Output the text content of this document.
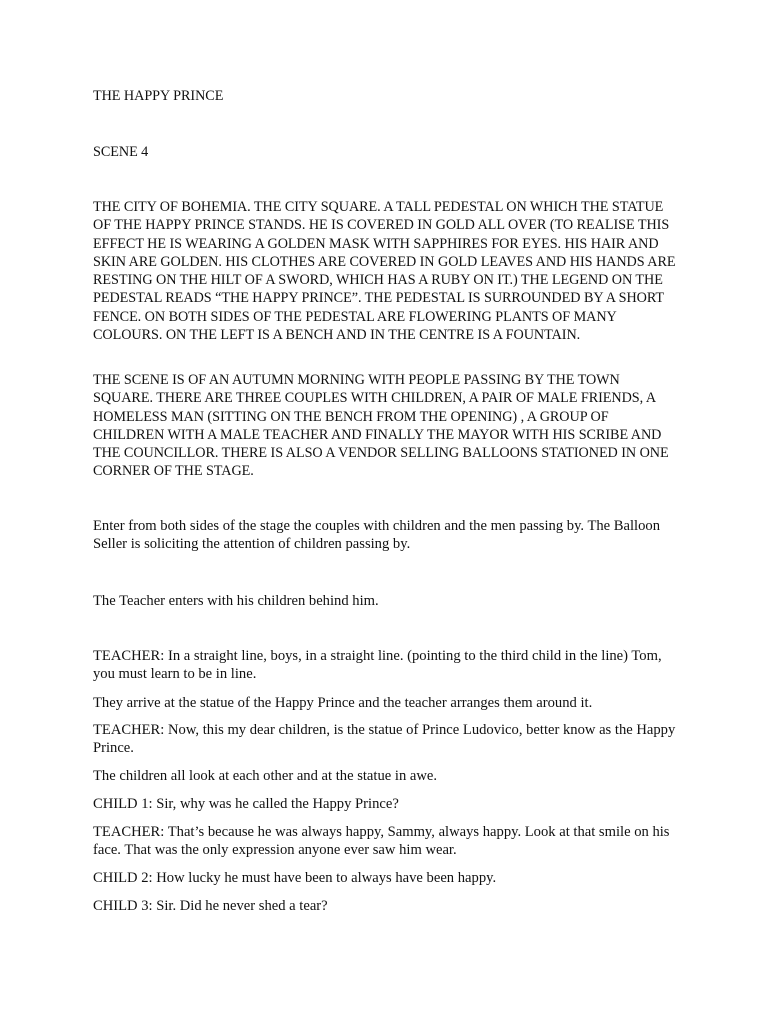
THE HAPPY PRINCE

SCENE 4

THE CITY OF BOHEMIA. THE CITY SQUARE. A TALL PEDESTAL ON WHICH THE STATUE OF THE HAPPY PRINCE STANDS. HE IS COVERED IN GOLD ALL OVER (TO REALISE THIS EFFECT HE IS WEARING A GOLDEN MASK WITH SAPPHIRES FOR EYES. HIS HAIR AND SKIN ARE GOLDEN. HIS CLOTHES ARE COVERED IN GOLD LEAVES AND HIS HANDS ARE RESTING ON THE HILT OF A SWORD, WHICH HAS A RUBY ON IT.) THE LEGEND ON THE PEDESTAL READS “THE HAPPY PRINCE”. THE PEDESTAL IS SURROUNDED BY A SHORT FENCE. ON BOTH SIDES OF THE PEDESTAL ARE FLOWERING PLANTS OF MANY COLOURS. ON THE LEFT IS A BENCH AND IN THE CENTRE IS A FOUNTAIN.

THE SCENE IS OF AN AUTUMN MORNING WITH PEOPLE PASSING BY THE TOWN SQUARE. THERE ARE THREE COUPLES WITH CHILDREN, A PAIR OF MALE FRIENDS, A HOMELESS MAN (SITTING ON THE BENCH FROM THE OPENING) , A GROUP OF CHILDREN WITH A MALE TEACHER AND FINALLY THE MAYOR WITH HIS SCRIBE AND THE COUNCILLOR. THERE IS ALSO A VENDOR SELLING BALLOONS STATIONED IN ONE CORNER OF THE STAGE.

Enter from both sides of the stage the couples with children and the men passing by. The Balloon Seller is soliciting the attention of children passing by.

The Teacher enters with his children behind him.

TEACHER: In a straight line, boys, in a straight line. (pointing to the third child in the line) Tom, you must learn to be in line.

They arrive at the statue of the Happy Prince and the teacher arranges them around it.

TEACHER: Now, this my dear children, is the statue of Prince Ludovico, better know as the Happy Prince.

The children all look at each other and at the statue in awe.

CHILD 1: Sir, why was he called the Happy Prince?

TEACHER: That’s because he was always happy, Sammy, always happy. Look at that smile on his face. That was the only expression anyone ever saw him wear.

CHILD 2: How lucky he must have been to always have been happy.

CHILD 3: Sir. Did he never shed a tear?
